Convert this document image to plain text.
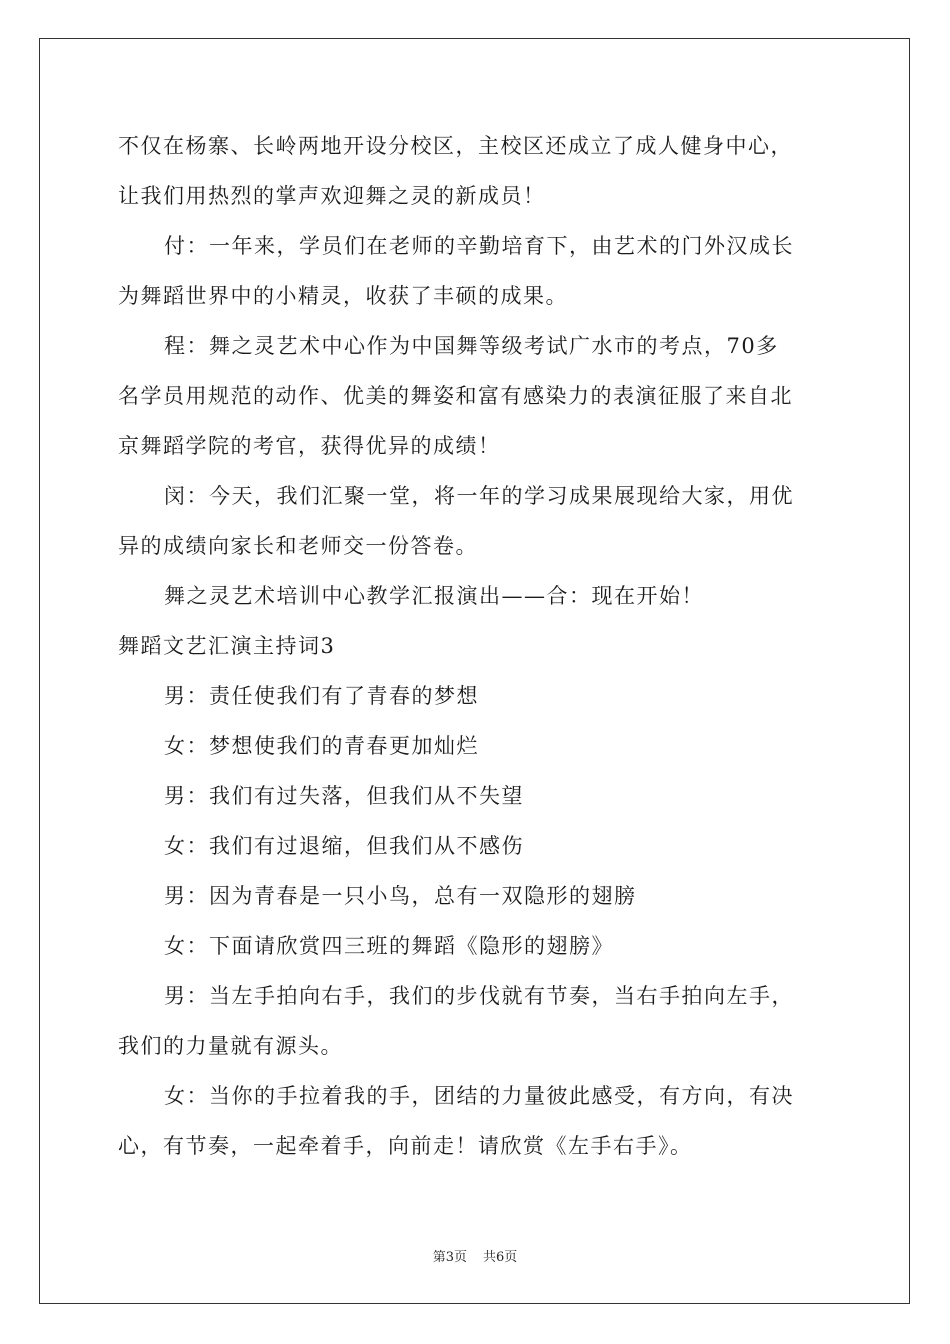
不仅在杨寨、长岭两地开设分校区，主校区还成立了成人健身中心，
让我们用热烈的掌声欢迎舞之灵的新成员！
付：一年来，学员们在老师的辛勤培育下，由艺术的门外汉成长
为舞蹈世界中的小精灵，收获了丰硕的成果。
程：舞之灵艺术中心作为中国舞等级考试广水市的考点，70多
名学员用规范的动作、优美的舞姿和富有感染力的表演征服了来自北
京舞蹈学院的考官，获得优异的成绩！
闵：今天，我们汇聚一堂，将一年的学习成果展现给大家，用优
异的成绩向家长和老师交一份答卷。
舞之灵艺术培训中心教学汇报演出——合：现在开始！
舞蹈文艺汇演主持词3
男：责任使我们有了青春的梦想
女：梦想使我们的青春更加灿烂
男：我们有过失落，但我们从不失望
女：我们有过退缩，但我们从不感伤
男：因为青春是一只小鸟，总有一双隐形的翅膀
女：下面请欣赏四三班的舞蹈《隐形的翅膀》
男：当左手拍向右手，我们的步伐就有节奏，当右手拍向左手，
我们的力量就有源头。
女：当你的手拉着我的手，团结的力量彼此感受，有方向，有决
心，有节奏，一起牵着手，向前走！请欣赏《左手右手》。
第3页 共6页
